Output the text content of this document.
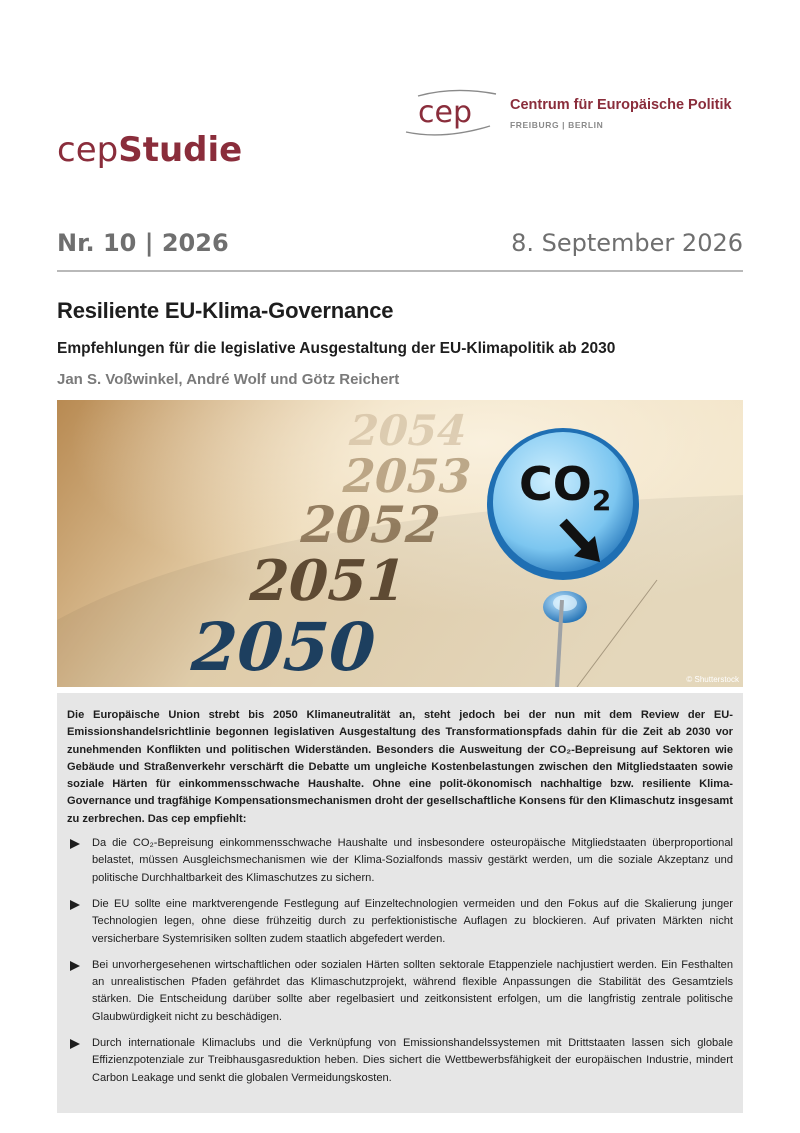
cep	Centrum für Europäische Politik
FREIBURG | BERLIN
cepStudie
Nr. 10 | 2026	8. September 2026
Resiliente EU-Klima-Governance
Empfehlungen für die legislative Ausgestaltung der EU-Klimapolitik ab 2030
Jan S. Voßwinkel, André Wolf und Götz Reichert
2054
2053
2052
2051
2050
$CO_2$
© Shutterstock

Die Europäische Union strebt bis 2050 Klimaneutralität an, steht jedoch bei der nun mit dem Review der EU-Emissionshandelsrichtlinie begonnen legislativen Ausgestaltung des Transformationspfads dahin für die Zeit ab 2030 vor zunehmenden Konflikten und politischen Widerständen. Besonders die Ausweitung der CO₂-Bepreisung auf Sektoren wie Gebäude und Straßenverkehr verschärft die Debatte um ungleiche Kostenbelastungen zwischen den Mitgliedstaaten sowie soziale Härten für einkommensschwache Haushalte. Ohne eine polit-ökonomisch nachhaltige bzw. resiliente Klima-Governance und tragfähige Kompensationsmechanismen droht der gesellschaftliche Konsens für den Klimaschutz insgesamt zu zerbrechen. Das cep empfiehlt:

Da die CO₂-Bepreisung einkommensschwache Haushalte und insbesondere osteuropäische Mitgliedstaaten überproportional belastet, müssen Ausgleichsmechanismen wie der Klima-Sozialfonds massiv gestärkt werden, um die soziale Akzeptanz und politische Durchhaltbarkeit des Klimaschutzes zu sichern.
Die EU sollte eine marktverengende Festlegung auf Einzeltechnologien vermeiden und den Fokus auf die Skalierung junger Technologien legen, ohne diese frühzeitig durch zu perfektionistische Auflagen zu blockieren. Auf privaten Märkten nicht versicherbare Systemrisiken sollten zudem staatlich abgefedert werden.
Bei unvorhergesehenen wirtschaftlichen oder sozialen Härten sollten sektorale Etappenziele nachjustiert werden. Ein Festhalten an unrealistischen Pfaden gefährdet das Klimaschutzprojekt, während flexible Anpassungen die Stabilität des Gesamtziels stärken. Die Entscheidung darüber sollte aber regelbasiert und zeitkonsistent erfolgen, um die langfristig zentrale politische Glaubwürdigkeit nicht zu beschädigen.
Durch internationale Klimaclubs und die Verknüpfung von Emissionshandelssystemen mit Drittstaaten lassen sich globale Effizienzpotenziale zur Treibhausgasreduktion heben. Dies sichert die Wettbewerbsfähigkeit der europäischen Industrie, mindert Carbon Leakage und senkt die globalen Vermeidungskosten.
